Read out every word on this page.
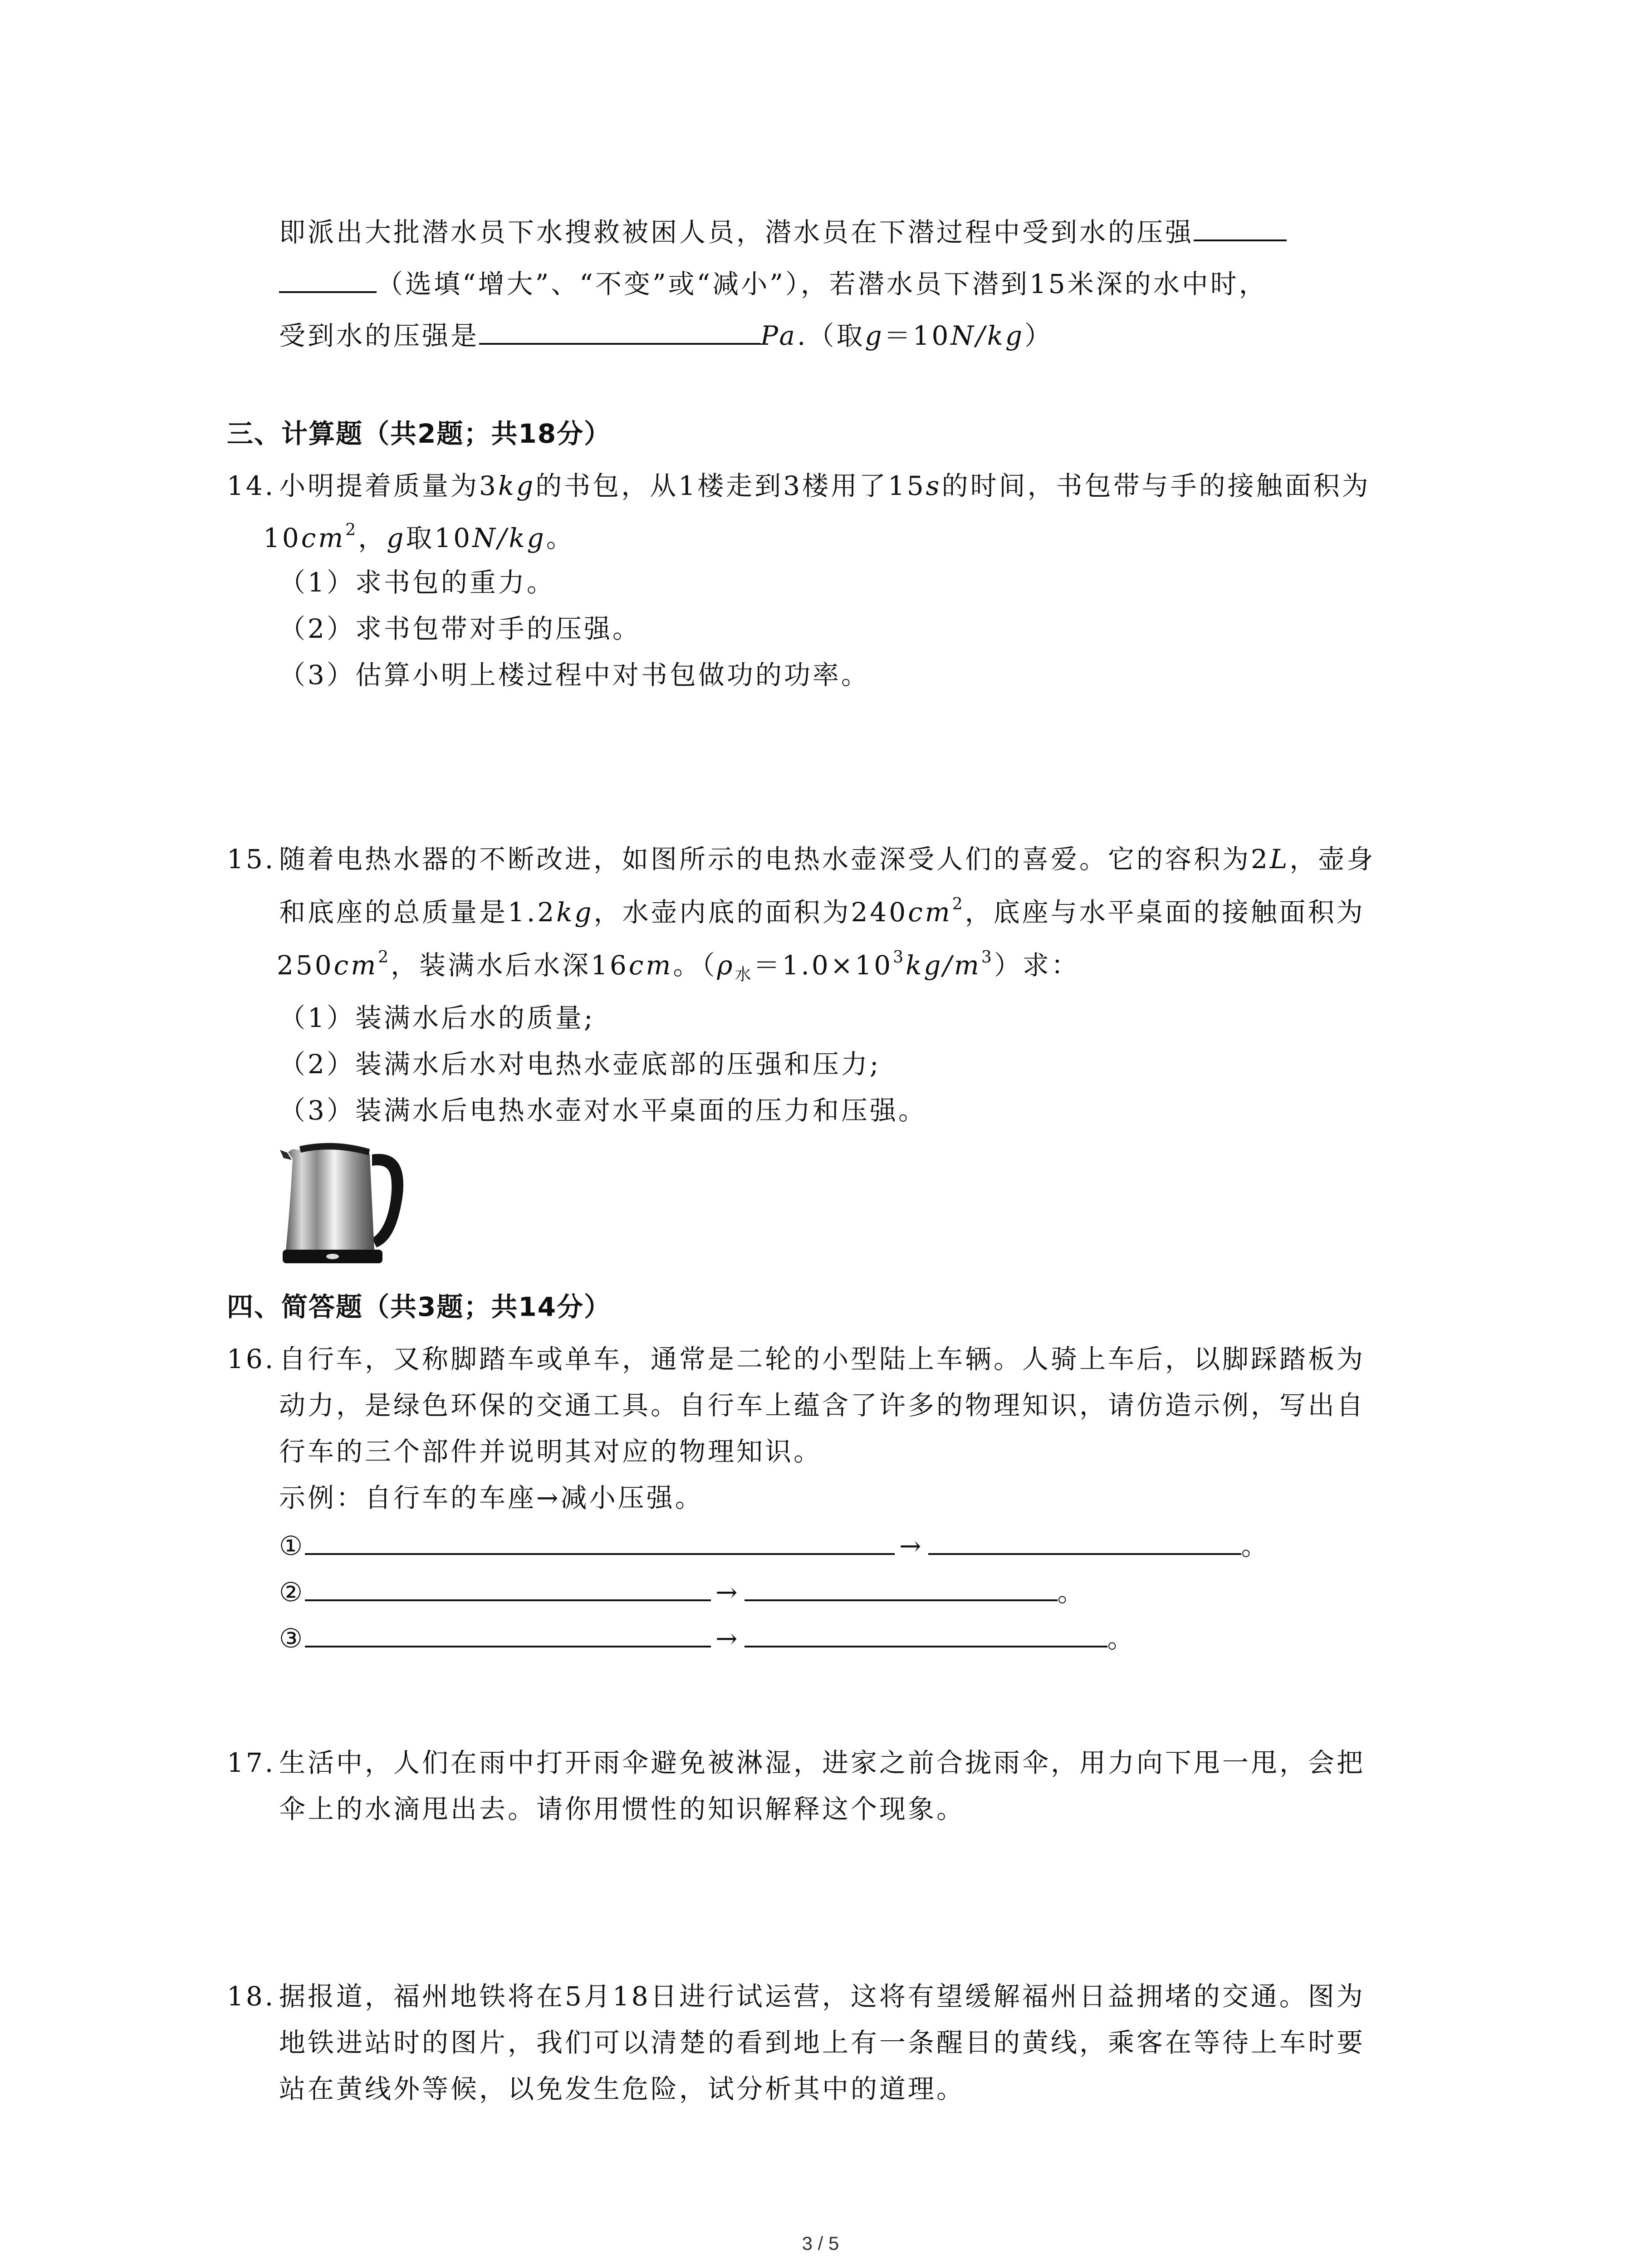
即派出大批潜水员下水搜救被困人员，潜水员在下潜过程中受到水的压强
（选填“增大”、“不变”或“减小”），若潜水员下潜到15米深的水中时，
受到水的压强是	Pa.（取g＝10N/kg）
三、计算题（共2题；共18分）
14. 小明提着质量为3kg的书包，从1楼走到3楼用了15s的时间，书包带与手的接触面积为
$10cm^2$，g取10N/kg。
（1）求书包的重力。
（2）求书包带对手的压强。
（3）估算小明上楼过程中对书包做功的功率。
15. 随着电热水器的不断改进，如图所示的电热水壶深受人们的喜爱。它的容积为2L，壶身
和底座的总质量是1.2kg，水壶内底的面积为$240cm^2$，底座与水平桌面的接触面积为
$250cm^2$，装满水后水深16cm。$(\rho_水=1.0\times 10^3kg/m^3)$求：
（1）装满水后水的质量;
（2）装满水后水对电热水壶底部的压强和压力;
（3）装满水后电热水壶对水平桌面的压力和压强。
四、简答题（共3题；共14分）
16. 自行车，又称脚踏车或单车，通常是二轮的小型陆上车辆。人骑上车后，以脚踩踏板为
动力，是绿色环保的交通工具。自行车上蕴含了许多的物理知识，请仿造示例，写出自
行车的三个部件并说明其对应的物理知识。
示例：自行车的车座→减小压强。
①	→	。
②	→	。
③	→	。
17. 生活中，人们在雨中打开雨伞避免被淋湿，进家之前合拢雨伞，用力向下甩一甩，会把
伞上的水滴甩出去。请你用惯性的知识解释这个现象。
18. 据报道，福州地铁将在5月18日进行试运营，这将有望缓解福州日益拥堵的交通。图为
地铁进站时的图片，我们可以清楚的看到地上有一条醒目的黄线，乘客在等待上车时要
站在黄线外等候，以免发生危险，试分析其中的道理。
3 / 5
